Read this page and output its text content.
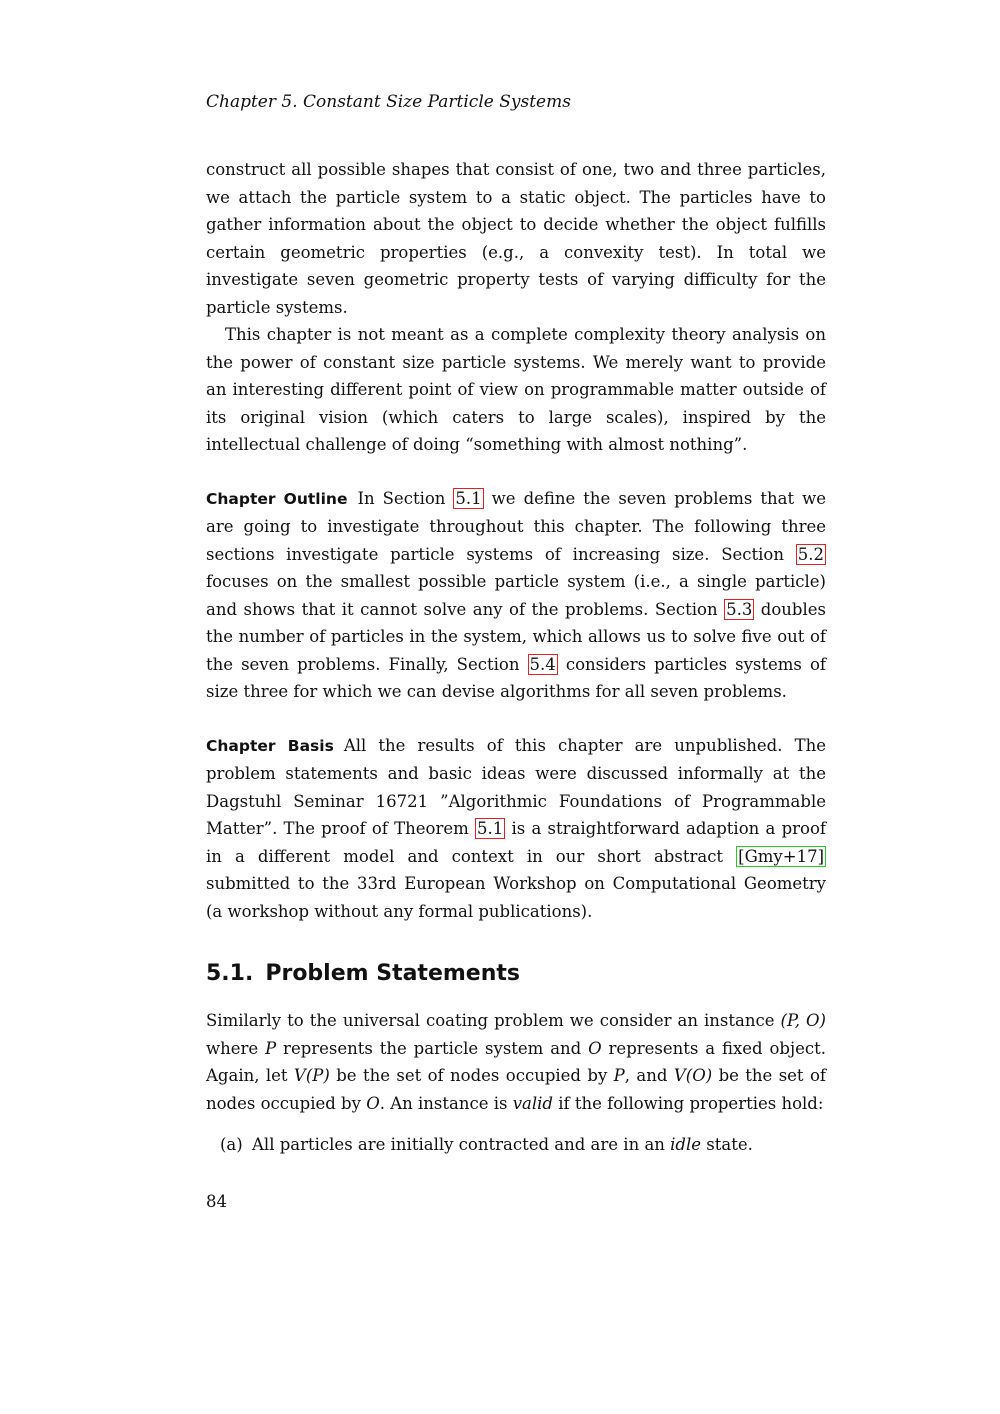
Chapter 5. Constant Size Particle Systems

construct all possible shapes that consist of one, two and three particles, we attach the particle system to a static object. The particles have to gather information about the object to decide whether the object fulfills certain geometric properties (e.g., a convexity test). In total we investigate seven geometric property tests of varying difficulty for the particle systems.

This chapter is not meant as a complete complexity theory analysis on the power of constant size particle systems. We merely want to provide an interesting different point of view on programmable matter outside of its original vision (which caters to large scales), inspired by the intellectual challenge of doing “something with almost nothing”.

Chapter Outline In Section 5.1 we define the seven problems that we are going to investigate throughout this chapter. The following three sections investigate particle systems of increasing size. Section 5.2 focuses on the smallest possible particle system (i.e., a single particle) and shows that it cannot solve any of the problems. Section 5.3 doubles the number of particles in the system, which allows us to solve five out of the seven problems. Finally, Section 5.4 considers particles systems of size three for which we can devise algorithms for all seven problems.

Chapter Basis All the results of this chapter are unpublished. The problem statements and basic ideas were discussed informally at the Dagstuhl Seminar 16721 ”Algorithmic Foundations of Programmable Matter”. The proof of Theorem 5.1 is a straightforward adaption a proof in a different model and context in our short abstract [Gmy+17] submitted to the 33rd European Workshop on Computational Geometry (a workshop without any formal publications).

5.1. Problem Statements

Similarly to the universal coating problem we consider an instance (P, O) where P represents the particle system and O represents a fixed object. Again, let V(P) be the set of nodes occupied by P, and V(O) be the set of nodes occupied by O. An instance is valid if the following properties hold:

(a) All particles are initially contracted and are in an idle state.

84
